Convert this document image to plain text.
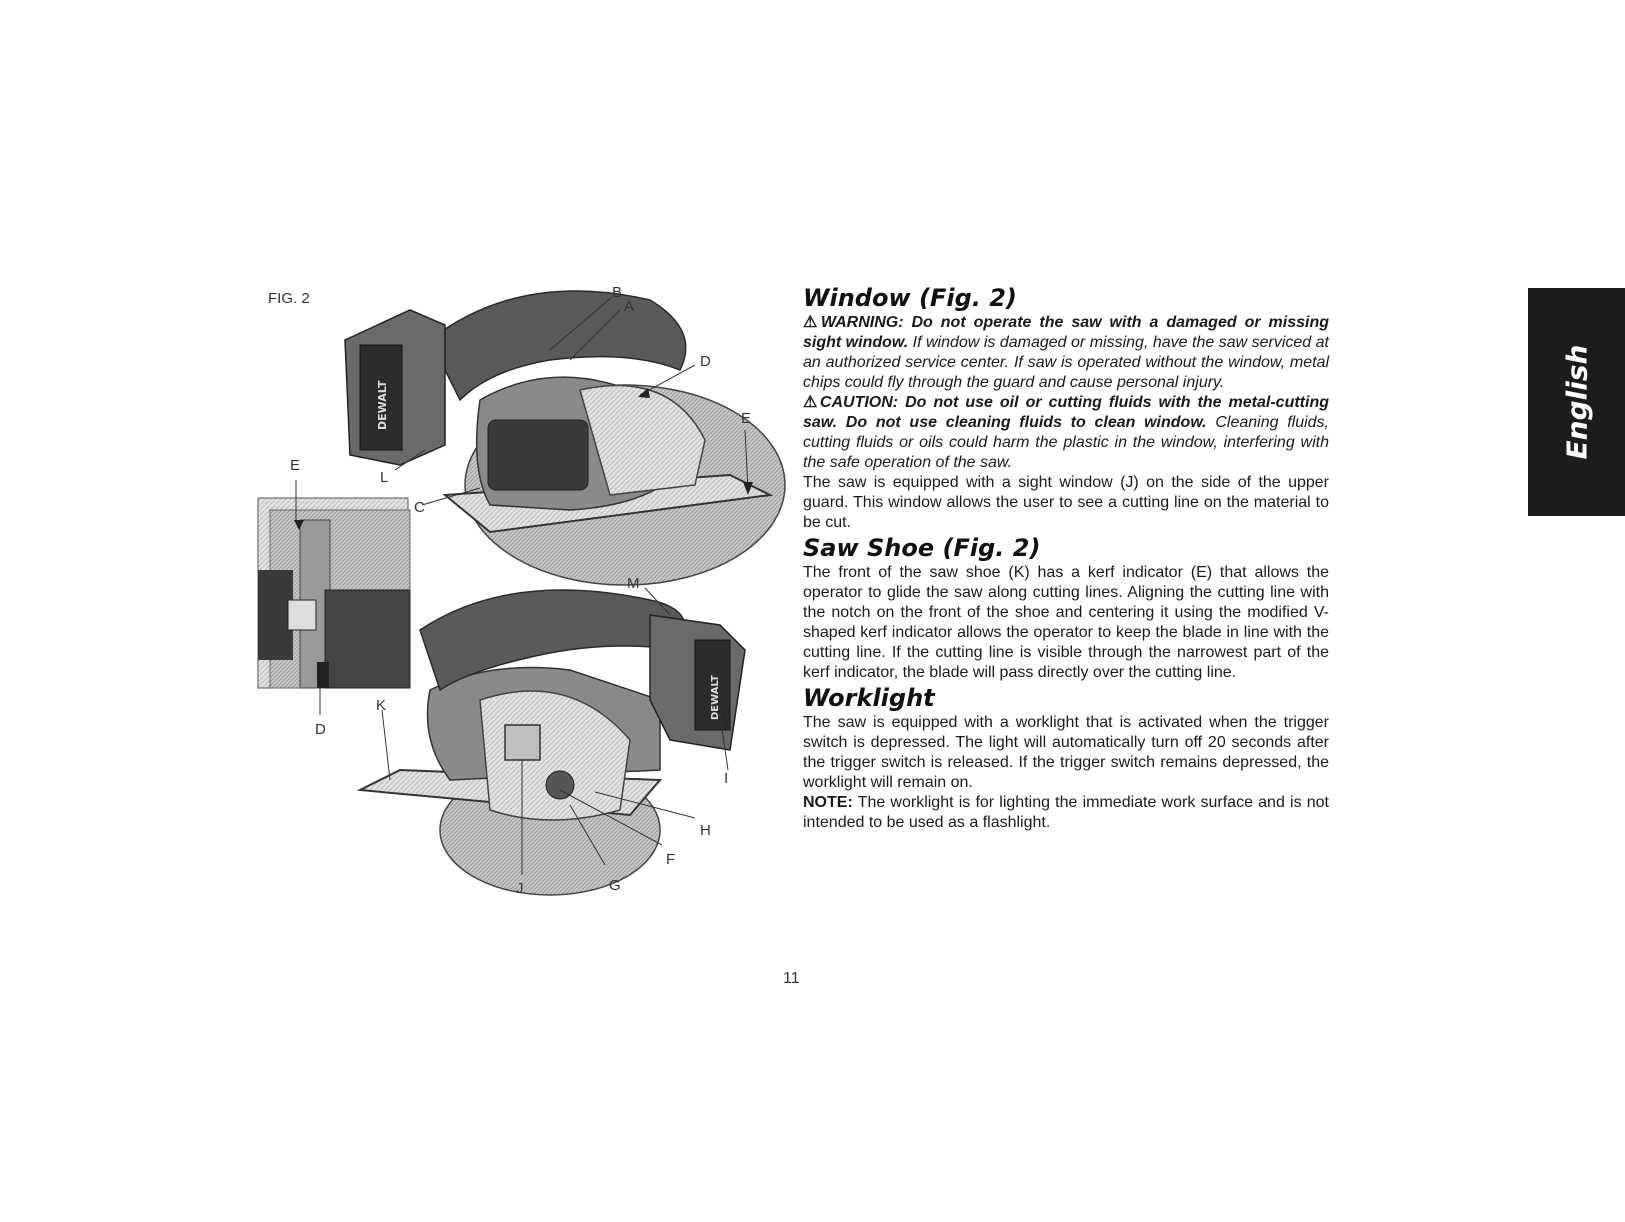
FIG. 2
DEWALT
DEWALT
B
A
D
E
E
L
C
M
K
D
I
H
F
J	G
Window (Fig. 2)

⚠WARNING: Do not operate the saw with a damaged or missing sight window. If window is damaged or missing, have the saw serviced at an authorized service center. If saw is operated without the window, metal chips could fly through the guard and cause personal injury.

⚠CAUTION: Do not use oil or cutting fluids with the metal-cutting saw. Do not use cleaning fluids to clean window. Cleaning fluids, cutting fluids or oils could harm the plastic in the window, interfering with the safe operation of the saw.

The saw is equipped with a sight window (J) on the side of the upper guard. This window allows the user to see a cutting line on the material to be cut.

Saw Shoe (Fig. 2)

The front of the saw shoe (K) has a kerf indicator (E) that allows the operator to glide the saw along cutting lines. Aligning the cutting line with the notch on the front of the shoe and centering it using the modified V-shaped kerf indicator allows the operator to keep the blade in line with the cutting line. If the cutting line is visible through the narrowest part of the kerf indicator, the blade will pass directly over the cutting line.

Worklight

The saw is equipped with a worklight that is activated when the trigger switch is depressed. The light will automatically turn off 20 seconds after the trigger switch is released. If the trigger switch remains depressed, the worklight will remain on.

NOTE: The worklight is for lighting the immediate work surface and is not intended to be used as a flashlight.

English
11
